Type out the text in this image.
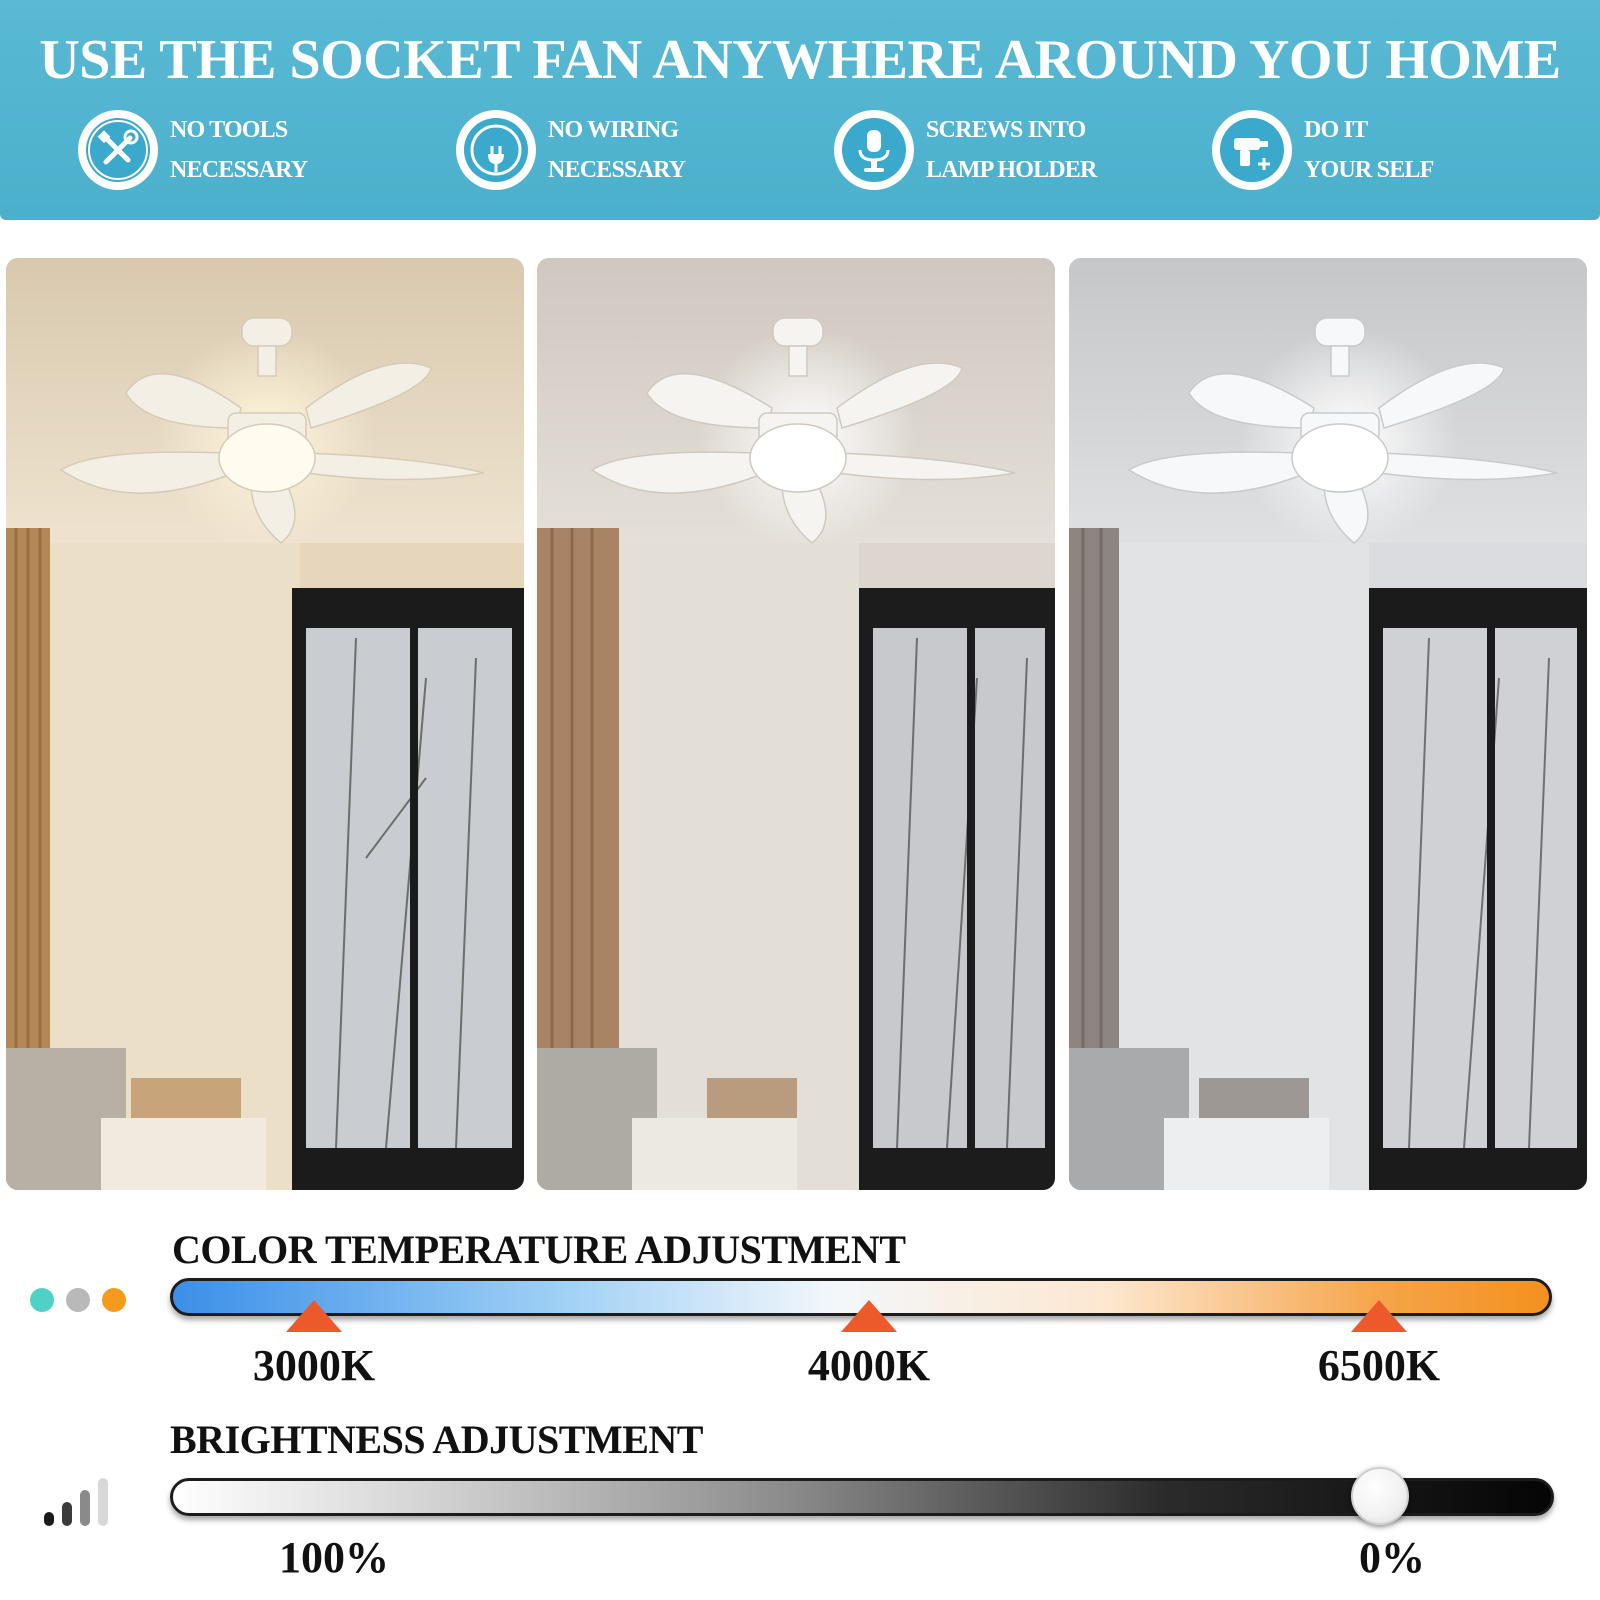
USE THE SOCKET FAN ANYWHERE AROUND YOU HOME
NO TOOLS
NECESSARY
NO WIRING
NECESSARY
SCREWS INTO
LAMP HOLDER
DO IT
YOUR SELF
COLOR TEMPERATURE ADJUSTMENT
3000K	4000K	6500K
BRIGHTNESS ADJUSTMENT
100%	0%
